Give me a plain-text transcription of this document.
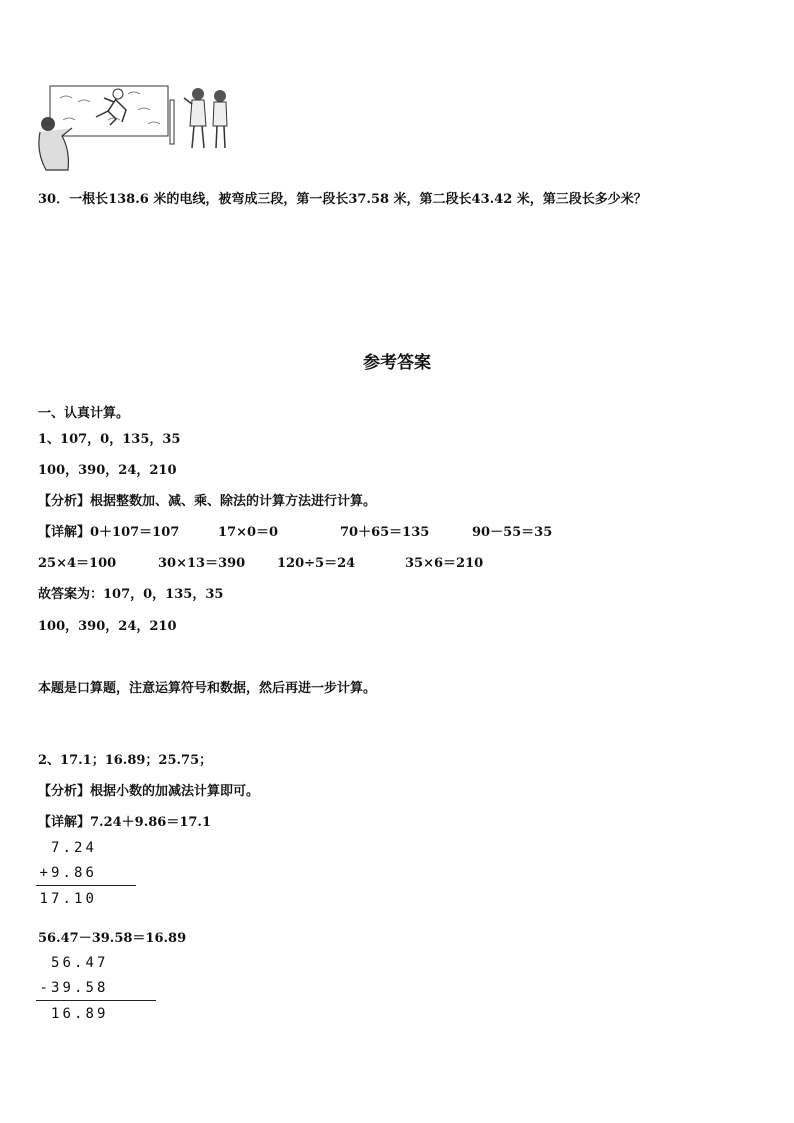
30．一根长138.6 米的电线，被弯成三段，第一段长37.58 米，第二段长43.42 米，第三段长多少米？
参考答案
一、认真计算。
1、107，0，135，35
100，390，24，210
【分析】根据整数加、减、乘、除法的计算方法进行计算。
【详解】0＋107＝107	17×0＝0	70＋65＝135	90－55＝35
25×4＝100	30×13＝390 120÷5＝24	35×6＝210
故答案为：107，0，135，35
100，390，24，210
本题是口算题，注意运算符号和数据，然后再进一步计算。
2、17.1；16.89；25.75；
【分析】根据小数的加减法计算即可。
【详解】7.24＋9.86＝17.1
7 . 2 4
+ 9 . 8 6
1 7 . 1 0
56.47－39.58＝16.89
5 6 . 4 7
- 3 9 . 5 8
1 6 . 8 9
